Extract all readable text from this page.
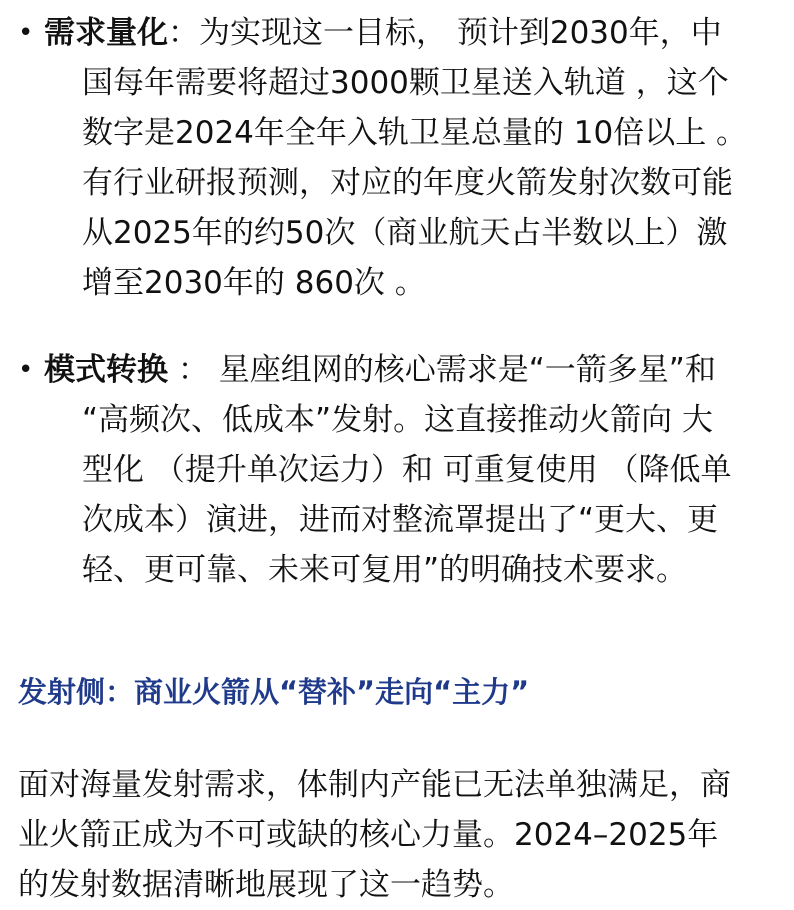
• 需求量化：为实现这一目标， 预计到2030年，中
国每年需要将超过3000颗卫星送入轨道 ，这个
数字是2024年全年入轨卫星总量的 10倍以上 。
有行业研报预测，对应的年度火箭发射次数可能
从2025年的约50次（商业航天占半数以上）激
增至2030年的 860次 。
• 模式转换 ： 星座组网的核心需求是“一箭多星”和
“高频次、低成本”发射。这直接推动火箭向 大
型化 （提升单次运力）和 可重复使用 （降低单
次成本）演进，进而对整流罩提出了“更大、更
轻、更可靠、未来可复用”的明确技术要求。
发射侧：商业火箭从“替补”走向“主力”
面对海量发射需求，体制内产能已无法单独满足，商
业火箭正成为不可或缺的核心力量。2024–2025年
的发射数据清晰地展现了这一趋势。
